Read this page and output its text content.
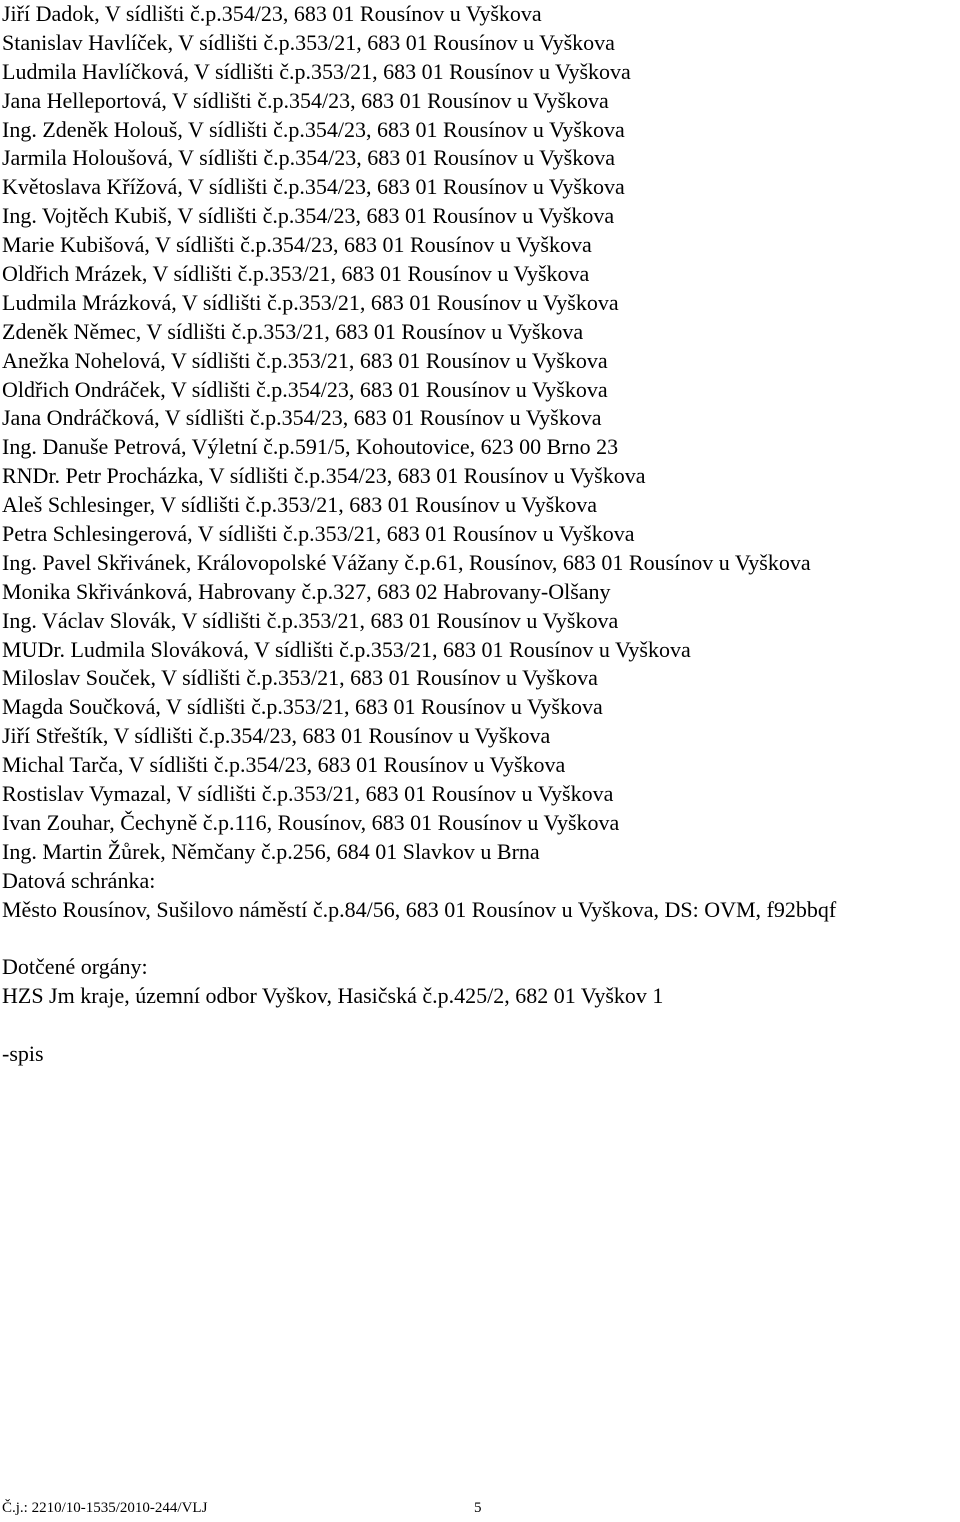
Jiří Dadok, V sídlišti č.p.354/23, 683 01 Rousínov u Vyškova
Stanislav Havlíček, V sídlišti č.p.353/21, 683 01 Rousínov u Vyškova
Ludmila Havlíčková, V sídlišti č.p.353/21, 683 01 Rousínov u Vyškova
Jana Helleportová, V sídlišti č.p.354/23, 683 01 Rousínov u Vyškova
Ing. Zdeněk Holouš, V sídlišti č.p.354/23, 683 01 Rousínov u Vyškova
Jarmila Holoušová, V sídlišti č.p.354/23, 683 01 Rousínov u Vyškova
Květoslava Křížová, V sídlišti č.p.354/23, 683 01 Rousínov u Vyškova
Ing. Vojtěch Kubiš, V sídlišti č.p.354/23, 683 01 Rousínov u Vyškova
Marie Kubišová, V sídlišti č.p.354/23, 683 01 Rousínov u Vyškova
Oldřich Mrázek, V sídlišti č.p.353/21, 683 01 Rousínov u Vyškova
Ludmila Mrázková, V sídlišti č.p.353/21, 683 01 Rousínov u Vyškova
Zdeněk Němec, V sídlišti č.p.353/21, 683 01 Rousínov u Vyškova
Anežka Nohelová, V sídlišti č.p.353/21, 683 01 Rousínov u Vyškova
Oldřich Ondráček, V sídlišti č.p.354/23, 683 01 Rousínov u Vyškova
Jana Ondráčková, V sídlišti č.p.354/23, 683 01 Rousínov u Vyškova
Ing. Danuše Petrová, Výletní č.p.591/5, Kohoutovice, 623 00 Brno 23
RNDr. Petr Procházka, V sídlišti č.p.354/23, 683 01 Rousínov u Vyškova
Aleš Schlesinger, V sídlišti č.p.353/21, 683 01 Rousínov u Vyškova
Petra Schlesingerová, V sídlišti č.p.353/21, 683 01 Rousínov u Vyškova
Ing. Pavel Skřivánek, Královopolské Vážany č.p.61, Rousínov, 683 01 Rousínov u Vyškova
Monika Skřivánková, Habrovany č.p.327, 683 02 Habrovany-Olšany
Ing. Václav Slovák, V sídlišti č.p.353/21, 683 01 Rousínov u Vyškova
MUDr. Ludmila Slováková, V sídlišti č.p.353/21, 683 01 Rousínov u Vyškova
Miloslav Souček, V sídlišti č.p.353/21, 683 01 Rousínov u Vyškova
Magda Součková, V sídlišti č.p.353/21, 683 01 Rousínov u Vyškova
Jiří Střeštík, V sídlišti č.p.354/23, 683 01 Rousínov u Vyškova
Michal Tarča, V sídlišti č.p.354/23, 683 01 Rousínov u Vyškova
Rostislav Vymazal, V sídlišti č.p.353/21, 683 01 Rousínov u Vyškova
Ivan Zouhar, Čechyně č.p.116, Rousínov, 683 01 Rousínov u Vyškova
Ing. Martin Žůrek, Němčany č.p.256, 684 01 Slavkov u Brna
Datová schránka:
Město Rousínov, Sušilovo náměstí č.p.84/56, 683 01 Rousínov u Vyškova, DS: OVM, f92bbqf
Dotčené orgány:
HZS Jm kraje, územní odbor Vyškov, Hasičská č.p.425/2, 682 01 Vyškov 1
-spis
Č.j.: 2210/10-1535/2010-244/VLJ	5
